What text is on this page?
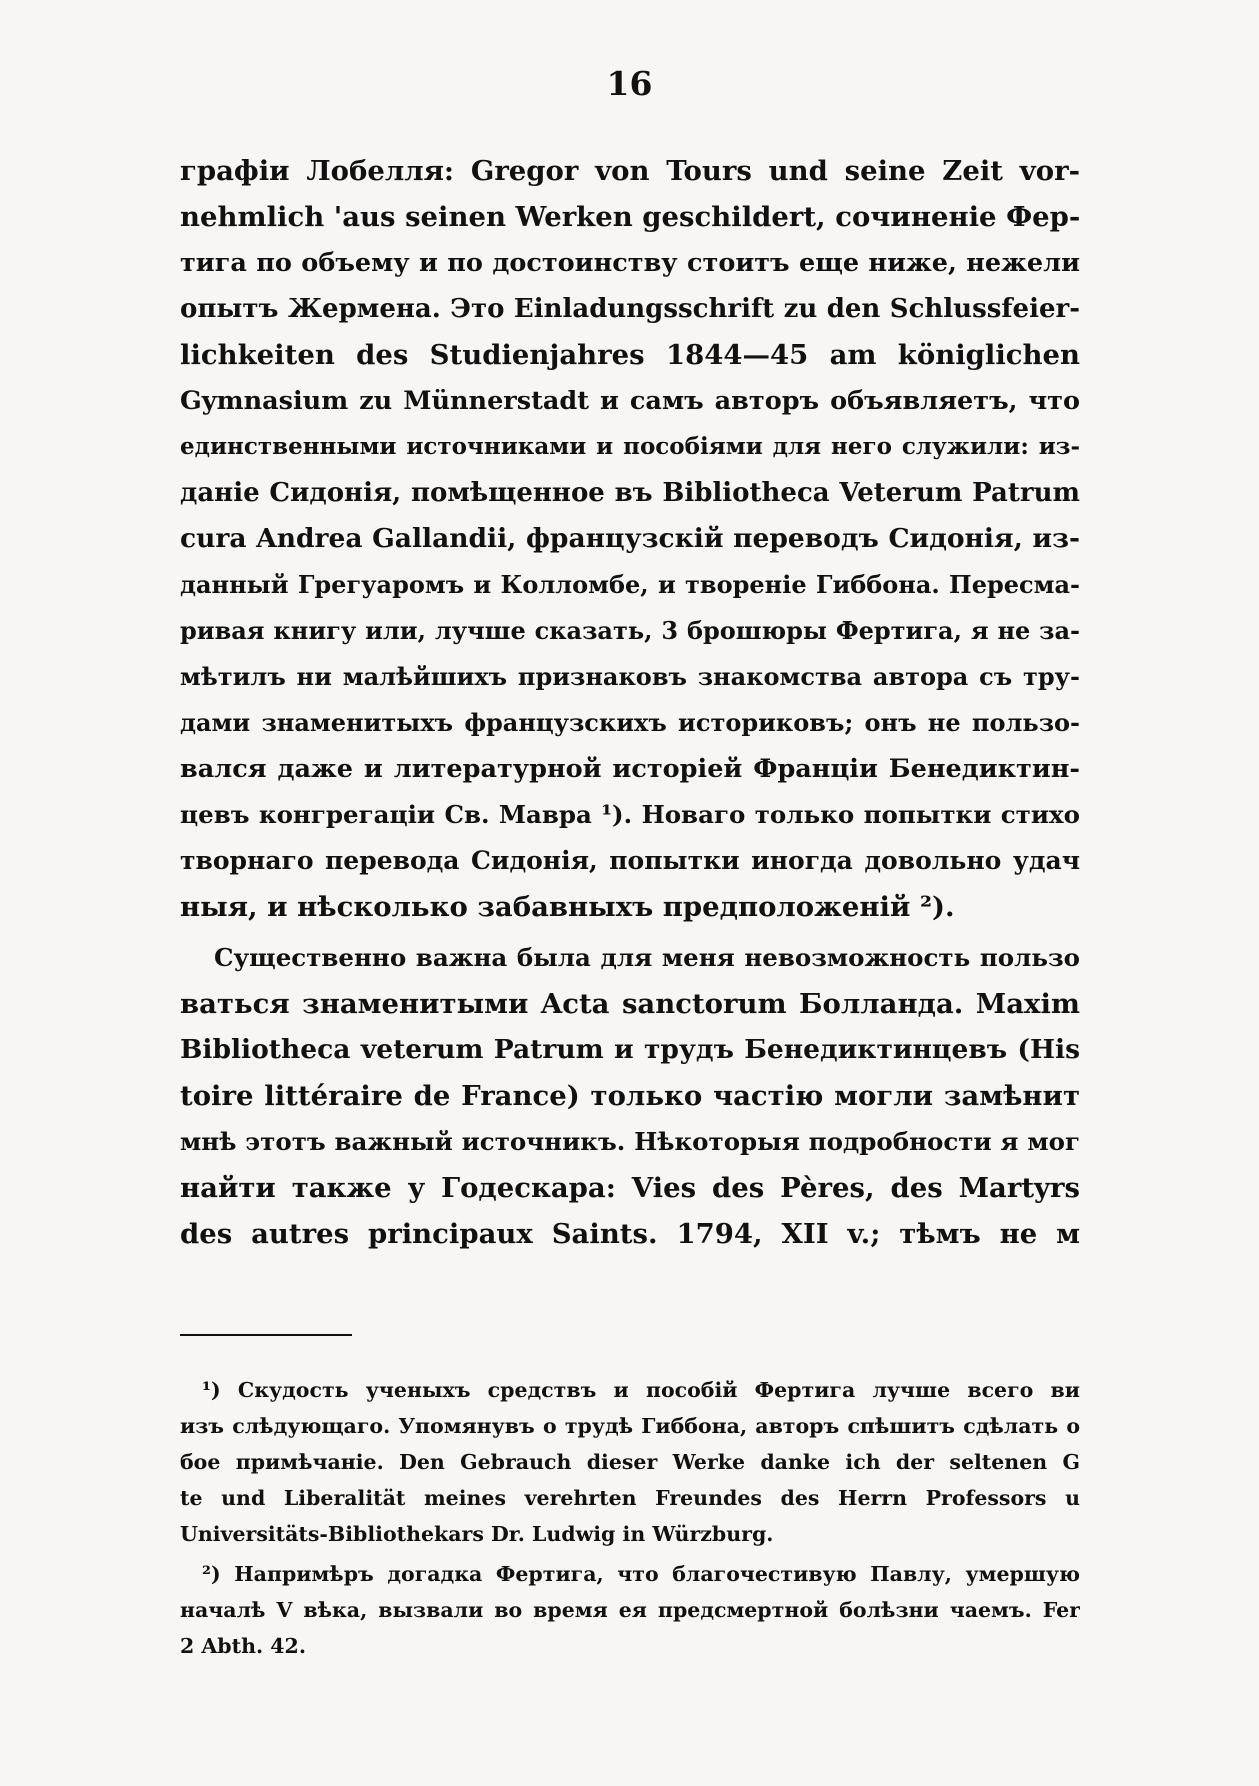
16
графіи Лобелля: Gregor von Tours und seine Zeit vor-
nehmlich 'aus seinen Werken geschildert, сочиненіе Фер-
тига по объему и по достоинству стоитъ еще ниже, нежели
опытъ Жермена. Это Einladungsschrift zu den Schlussfeier-
lichkeiten des Studienjahres 1844—45 am königlichen
Gymnasium zu Münnerstadt и самъ авторъ объявляетъ, что
единственными источниками и пособіями для него служили: из-
даніе Сидонія, помѣщенное въ Bibliotheca Veterum Patrum
cura Andrea Gallandii, французскій переводъ Сидонія, из-
данный Грегуаромъ и Колломбе, и твореніе Гиббона. Пересма-
ривая книгу или, лучше сказать, 3 брошюры Фертига, я не за-
мѣтилъ ни малѣйшихъ признаковъ знакомства автора съ тру-
дами знаменитыхъ французскихъ историковъ; онъ не пользо-
вался даже и литературной исторіей Франціи Бенедиктин-
цевъ конгрегаціи Св. Мавра ¹). Новаго только попытки стихо
творнаго перевода Сидонія, попытки иногда довольно удач
ныя, и нѣсколько забавныхъ предположеній ²).
Существенно важна была для меня невозможность пользо
ваться знаменитыми Acta sanctorum Болланда. Maxim
Bibliotheca veterum Patrum и трудъ Бенедиктинцевъ (His
toire littéraire de France) только частію могли замѣнит
мнѣ этотъ важный источникъ. Нѣкоторыя подробности я мог
найти также у Годескара: Vies des Pères, des Martyrs
des autres principaux Saints. 1794, XII v.; тѣмъ не м
¹) Скудость ученыхъ средствъ и пособій Фертига лучше всего ви
изъ слѣдующаго. Упомянувъ о трудѣ Гиббона, авторъ спѣшитъ сдѣлать о
бое примѣчаніе. Den Gebrauch dieser Werke danke ich der seltenen G
te und Liberalität meines verehrten Freundes des Herrn Professors u
Universitäts-Bibliothekars Dr. Ludwig in Würzburg.
²) Напримѣръ догадка Фертига, что благочестивую Павлу, умершую
началѣ V вѣка, вызвали во время ея предсмертной болѣзни чаемъ. Fer
2 Abth. 42.
